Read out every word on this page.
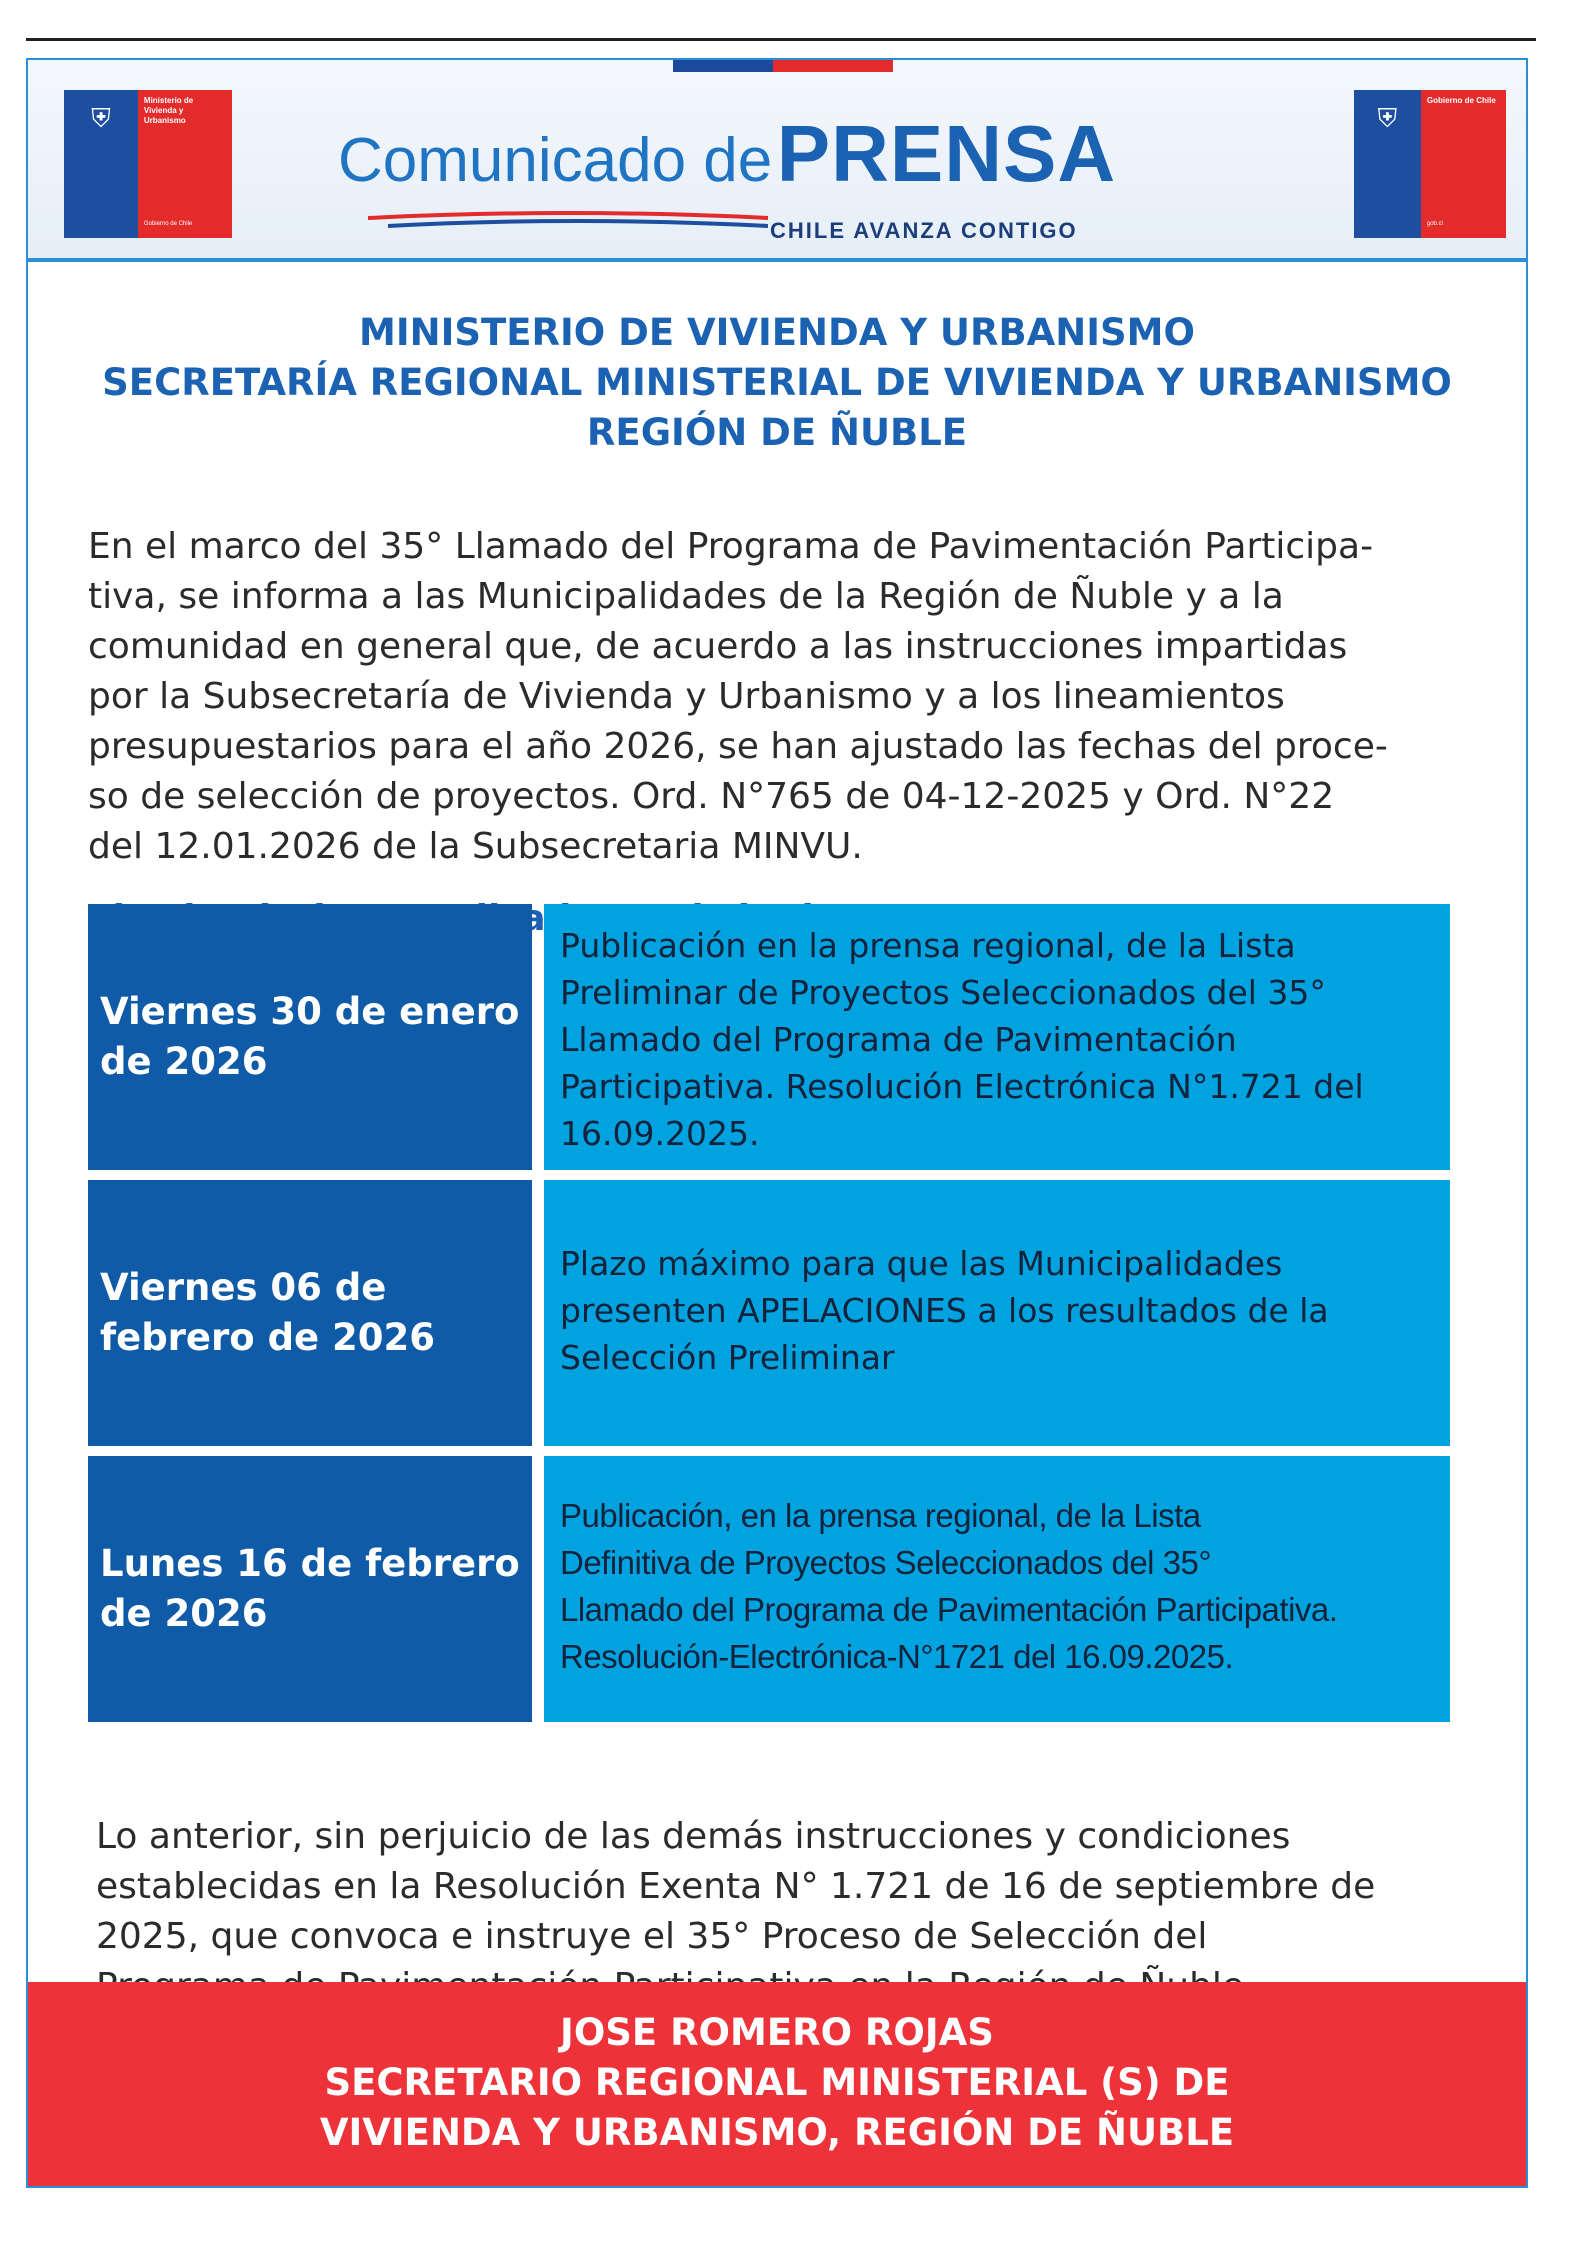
⛨
Ministerio de Vivienda y Urbanismo
Gobierno de Chile
Comunicado de PRENSA
CHILE AVANZA CONTIGO
⛨
Gobierno de Chile
gob.cl
MINISTERIO DE VIVIENDA Y URBANISMO
SECRETARÍA REGIONAL MINISTERIAL DE VIVIENDA Y URBANISMO
REGIÓN DE ÑUBLE
En el marco del 35° Llamado del Programa de Pavimentación Participa-
tiva, se informa a las Municipalidades de la Región de Ñuble y a la
comunidad en general que, de acuerdo a las instrucciones impartidas
por la Subsecretaría de Vivienda y Urbanismo y a los lineamientos
presupuestarios para el año 2026, se han ajustado las fechas del proce-
so de selección de proyectos. Ord. N°765 de 04-12-2025 y Ord. N°22
del 12.01.2026 de la Subsecretaria MINVU.
Viernes 30 de enero
de 2026
Publicación en la prensa regional, de la Lista
Preliminar de Proyectos Seleccionados del 35°
Llamado del Programa de Pavimentación
Participativa. Resolución Electrónica N°1.721 del
16.09.2025.
Viernes 06 de
febrero de 2026
Plazo máximo para que las Municipalidades
presenten APELACIONES a los resultados de la
Selección Preliminar
Lunes 16 de febrero
de 2026
Publicación, en la prensa regional, de la Lista
Definitiva de Proyectos Seleccionados del 35°
Llamado del Programa de Pavimentación Participativa.
Resolución-Electrónica-N°1721 del 16.09.2025.
Lo anterior, sin perjuicio de las demás instrucciones y condiciones
establecidas en la Resolución Exenta N° 1.721 de 16 de septiembre de
2025, que convoca e instruye el 35° Proceso de Selección del
JOSE ROMERO ROJAS
SECRETARIO REGIONAL MINISTERIAL (S) DE
VIVIENDA Y URBANISMO, REGIÓN DE ÑUBLE
